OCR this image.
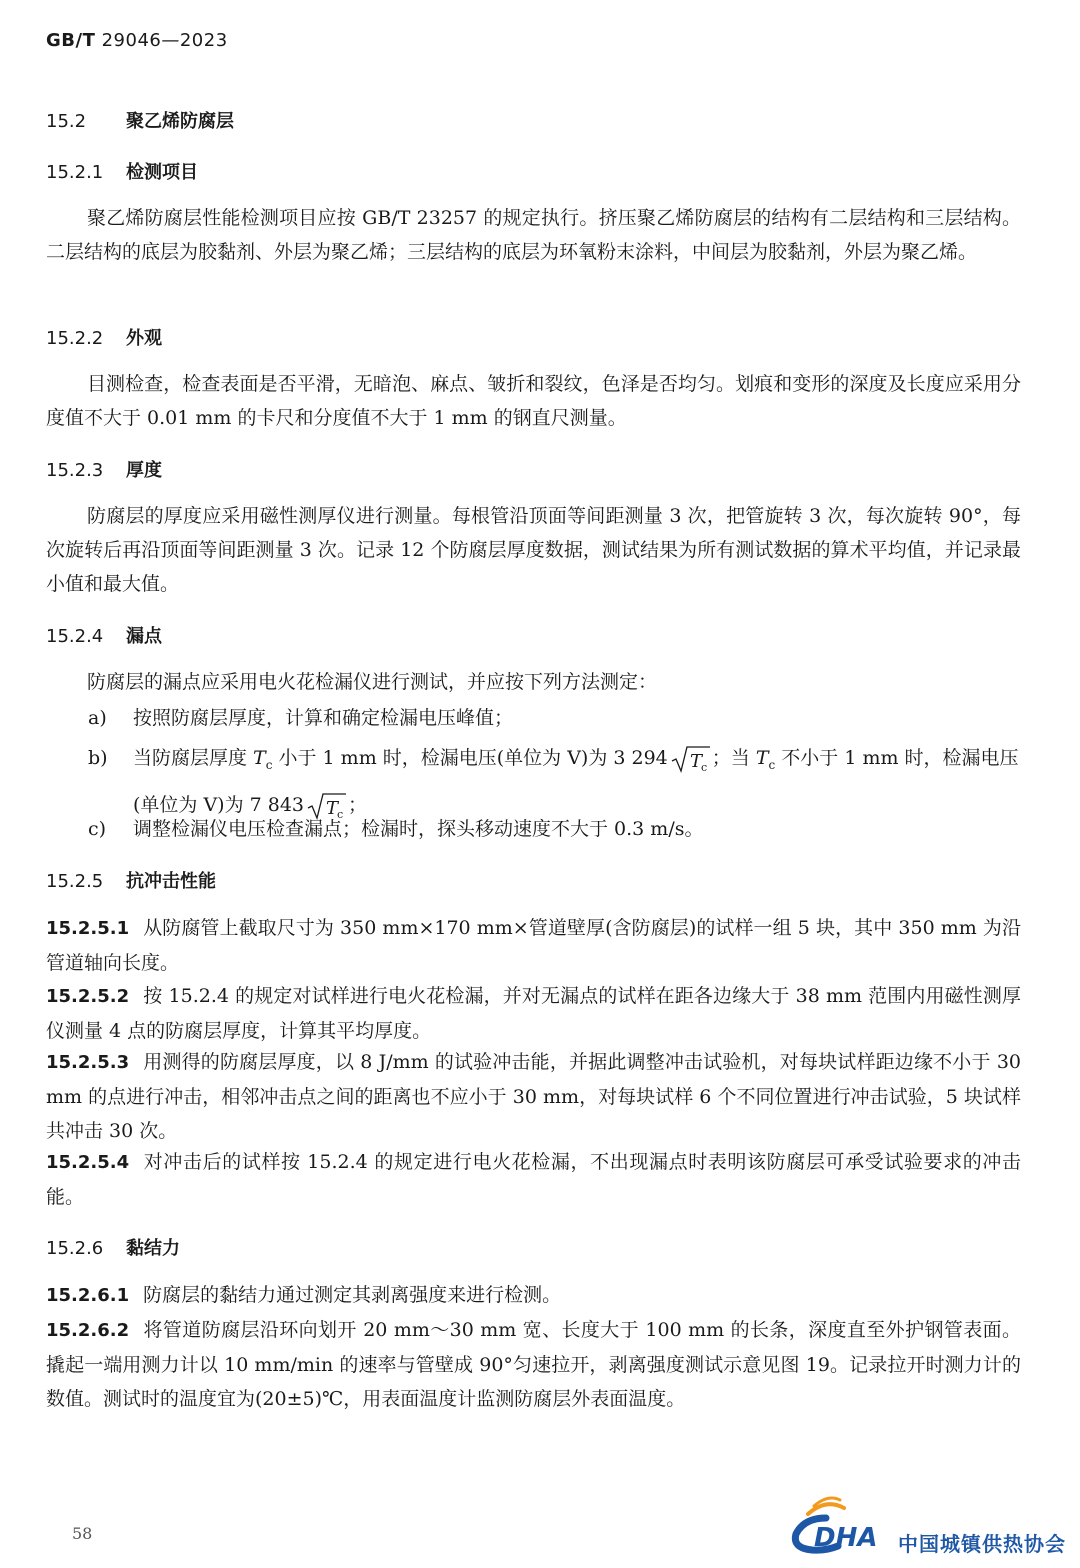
GB/T 29046—2023
15.2 聚乙烯防腐层
15.2.1 检测项目
聚乙烯防腐层性能检测项目应按 GB/T 23257 的规定执行。挤压聚乙烯防腐层的结构有二层结构和三层结构。二层结构的底层为胶黏剂、外层为聚乙烯；三层结构的底层为环氧粉末涂料，中间层为胶黏剂，外层为聚乙烯。
15.2.2 外观
目测检查，检查表面是否平滑，无暗泡、麻点、皱折和裂纹，色泽是否均匀。划痕和变形的深度及长度应采用分度值不大于 0.01 mm 的卡尺和分度值不大于 1 mm 的钢直尺测量。
15.2.3 厚度
防腐层的厚度应采用磁性测厚仪进行测量。每根管沿顶面等间距测量 3 次，把管旋转 3 次，每次旋转 90°，每次旋转后再沿顶面等间距测量 3 次。记录 12 个防腐层厚度数据，测试结果为所有测试数据的算术平均值，并记录最小值和最大值。
15.2.4 漏点
防腐层的漏点应采用电火花检漏仪进行测试，并应按下列方法测定：
a)	按照防腐层厚度，计算和确定检漏电压峰值；
b)	当防腐层厚度 $T_c$ 小于 1 mm 时，检漏电压(单位为 V)为 3 294 T
c ；当 $T_c$ 不小于 1 mm 时，检漏电压(单位为 V)为 7 843 T
c ；
c)	调整检漏仪电压检查漏点；检漏时，探头移动速度不大于 0.3 m/s。
15.2.5 抗冲击性能
15.2.5.1 从防腐管上截取尺寸为 350 mm×170 mm×管道壁厚(含防腐层)的试样一组 5 块，其中 350 mm 为沿管道轴向长度。
15.2.5.2 按 15.2.4 的规定对试样进行电火花检漏，并对无漏点的试样在距各边缘大于 38 mm 范围内用磁性测厚仪测量 4 点的防腐层厚度，计算其平均厚度。
15.2.5.3 用测得的防腐层厚度，以 8 J/mm 的试验冲击能，并据此调整冲击试验机，对每块试样距边缘不小于 30 mm 的点进行冲击，相邻冲击点之间的距离也不应小于 30 mm，对每块试样 6 个不同位置进行冲击试验，5 块试样共冲击 30 次。
15.2.5.4 对冲击后的试样按 15.2.4 的规定进行电火花检漏，不出现漏点时表明该防腐层可承受试验要求的冲击能。
15.2.6 黏结力
15.2.6.1 防腐层的黏结力通过测定其剥离强度来进行检测。
15.2.6.2 将管道防腐层沿环向划开 20 mm～30 mm 宽、长度大于 100 mm 的长条，深度直至外护钢管表面。撬起一端用测力计以 10 mm/min 的速率与管壁成 90°匀速拉开，剥离强度测试示意见图 19。记录拉开时测力计的数值。测试时的温度宜为(20±5)℃，用表面温度计监测防腐层外表面温度。
58	DHA 中国城镇供热协会
